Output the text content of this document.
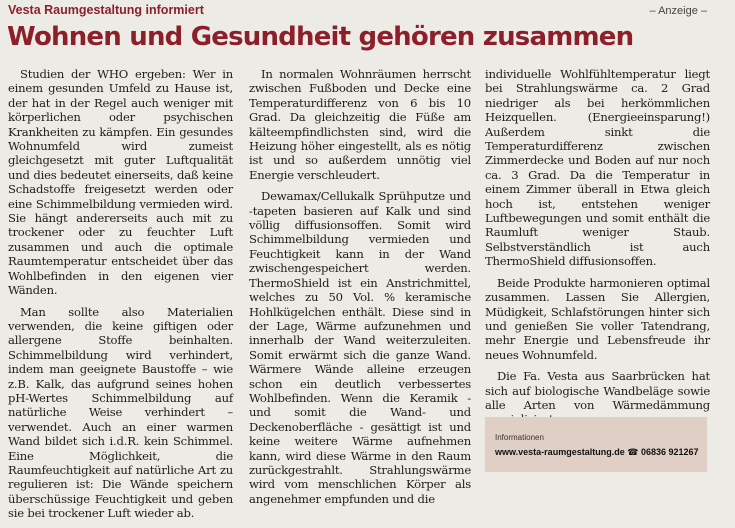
Vesta Raumgestaltung informiert	– Anzeige –
Wohnen und Gesundheit gehören zusammen

Studien der WHO ergeben: Wer in einem gesunden Umfeld zu Hause ist, der hat in der Regel auch weniger mit körperlichen oder psychischen Krankheiten zu kämpfen. Ein gesundes Wohnumfeld wird zumeist gleichgesetzt mit guter Luftqualität und dies bedeutet einerseits, daß keine Schadstoffe freigesetzt werden oder eine Schimmelbildung vermieden wird. Sie hängt andererseits auch mit zu trockener oder zu feuchter Luft zusammen und auch die optimale Raumtemperatur entscheidet über das Wohlbefinden in den eigenen vier Wänden.

Man sollte also Materialien verwenden, die keine giftigen oder allergene Stoffe beinhalten. Schimmelbildung wird verhindert, indem man geeignete Baustoffe – wie z.B. Kalk, das aufgrund seines hohen pH-Wertes Schimmelbildung auf natürliche Weise verhindert – verwendet. Auch an einer warmen Wand bildet sich i.d.R. kein Schimmel. Eine Möglichkeit, die Raumfeuchtigkeit auf natürliche Art zu regulieren ist: Die Wände speichern überschüssige Feuchtigkeit und geben sie bei trockener Luft wieder ab.

In normalen Wohnräumen herrscht zwischen Fußboden und Decke eine Temperaturdifferenz von 6 bis 10 Grad. Da gleichzeitig die Füße am kälteempfindlichsten sind, wird die Heizung höher eingestellt, als es nötig ist und so außerdem unnötig viel Energie verschleudert.

Dewamax/Cellukalk Sprühputze und -tapeten basieren auf Kalk und sind völlig diffusionsoffen. Somit wird Schimmelbildung vermieden und Feuchtigkeit kann in der Wand zwischengespeichert werden. ThermoShield ist ein Anstrichmittel, welches zu 50 Vol. % keramische Hohlkügelchen enthält. Diese sind in der Lage, Wärme aufzunehmen und innerhalb der Wand weiterzuleiten. Somit erwärmt sich die ganze Wand. Wärmere Wände alleine erzeugen schon ein deutlich verbessertes Wohlbefinden. Wenn die Keramik - und somit die Wand- und Deckenoberfläche - gesättigt ist und keine weitere Wärme aufnehmen kann, wird diese Wärme in den Raum zurückgestrahlt. Strahlungswärme wird vom menschlichen Körper als angenehmer empfunden und die

individuelle Wohlfühltemperatur liegt bei Strahlungswärme ca. 2 Grad niedriger als bei herkömmlichen Heizquellen. (Energieeinsparung!) Außerdem sinkt die Temperaturdifferenz zwischen Zimmerdecke und Boden auf nur noch ca. 3 Grad. Da die Temperatur in einem Zimmer überall in Etwa gleich hoch ist, entstehen weniger Luftbewegungen und somit enthält die Raumluft weniger Staub. Selbstverständlich ist auch ThermoShield diffusionsoffen.

Beide Produkte harmonieren optimal zusammen. Lassen Sie Allergien, Müdigkeit, Schlafstörungen hinter sich und genießen Sie voller Tatendrang, mehr Energie und Lebensfreude ihr neues Wohnumfeld.

Die Fa. Vesta aus Saarbrücken hat sich auf biologische Wandbeläge sowie alle Arten von Wärmedämmung

Informationen
www.vesta-raumgestaltung.de ☎ 06836 921267
